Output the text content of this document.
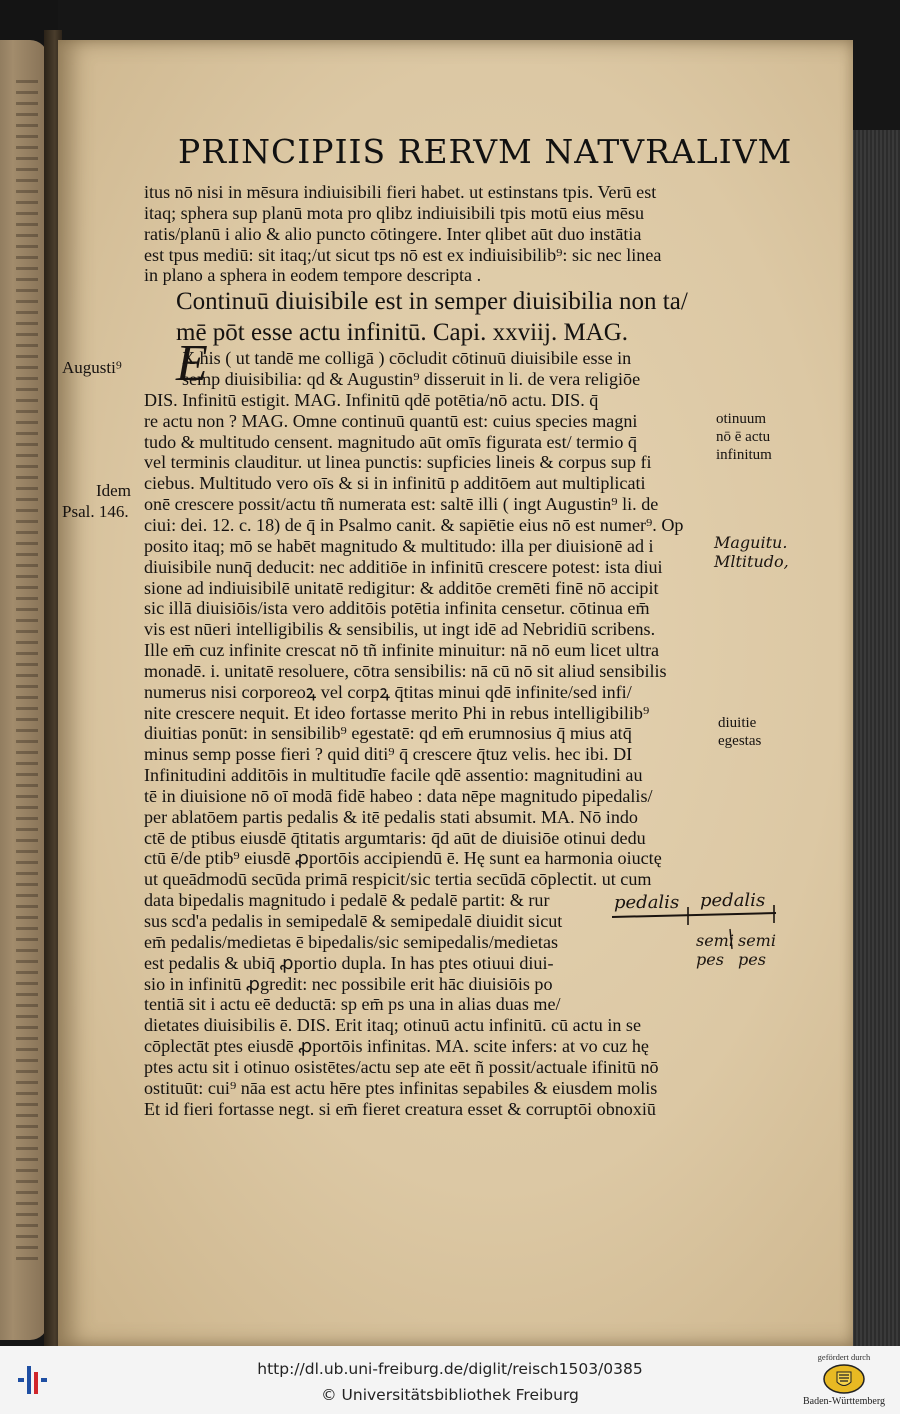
PRINCIPIIS RERVM NATVRALIVM
E
itus nō nisi in mēsura indiuisibili fieri habet. ut estinstans tpis. Verū est
itaq; sphera sup planū mota pro qlibz indiuisibili tpis motū eius mēsu
ratis/planū i alio & alio puncto cōtingere. Inter qlibet aūt duo instātia
est tpus mediū: sit itaq;/ut sicut tps nō est ex indiuisibilib⁹: sic nec linea
in plano a sphera in eodem tempore descripta .
Continuū diuisibile est in semper diuisibilia non ta/
mē pōt esse actu infinitū. Capi. xxviij. MAG.
X his ( ut tandē me colligā ) cōcludit cōtinuū diuisibile esse in
semp diuisibilia: qd & Augustin⁹ disseruit in li. de vera religiōe
DIS. Infinitū estigit. MAG. Infinitū qdē potētia/nō actu. DIS. q̄
re actu non ? MAG. Omne continuū quantū est: cuius species magni
tudo & multitudo censent. magnitudo aūt omīs figurata est/ termio q̄
vel terminis clauditur. ut linea punctis: supficies lineis & corpus sup fi
ciebus. Multitudo vero oīs & si in infinitū p additōem aut multiplicati
onē crescere possit/actu tñ numerata est: saltē illi ( ingt Augustin⁹ li. de
ciui: dei. 12. c. 18) de q̄ in Psalmo canit. & sapiētie eius nō est numer⁹. Op
posito itaq; mō se habēt magnitudo & multitudo: illa per diuisionē ad i
diuisibile nunq̄ deducit: nec additiōe in infinitū crescere potest: ista diui
sione ad indiuisibilē unitatē redigitur: & additōe cremēti finē nō accipit
sic illā diuisiōis/ista vero additōis potētia infinita censetur. cōtinua em̄
vis est nūeri intelligibilis & sensibilis, ut ingt idē ad Nebridiū scribens.
Ille em̄ cuz infinite crescat nō tñ infinite minuitur: nā nō eum licet ultra
monadē. i. unitatē resoluere, cōtra sensibilis: nā cū nō sit aliud sensibilis
numerus nisi corporeoꝝ vel corpꝝ q̄titas minui qdē infinite/sed infi/
nite crescere nequit. Et ideo fortasse merito Phi in rebus intelligibilib⁹
diuitias ponūt: in sensibilib⁹ egestatē: qd em̄ erumnosius q̄ mius atq̄
minus semp posse fieri ? quid diti⁹ q̄ crescere q̄tuz velis. hec ibi. DI
Infinitudini additōis in multitudīe facile qdē assentio: magnitudini au
tē in diuisione nō oī modā fidē habeo : data nēpe magnitudo pipedalis/
per ablatōem partis pedalis & itē pedalis stati absumit. MA. Nō indo
ctē de ptibus eiusdē q̄titatis argumtaris: q̄d aūt de diuisiōe otinui dedu
ctū ē/de ptib⁹ eiusdē ꝓportōis accipiendū ē. Hę sunt ea harmonia oiuctę
ut queādmodū secūda primā respicit/sic tertia secūdā cōplectit. ut cum
data bipedalis magnitudo i pedalē & pedalē partit: & rur
sus scd'a pedalis in semipedalē & semipedalē diuidit sicut
em̄ pedalis/medietas ē bipedalis/sic semipedalis/medietas
est pedalis & ubiq̄ ꝓportio dupla. In has ptes otiuui diui-
sio in infinitū ꝓgredit: nec possibile erit hāc diuisiōis po
tentiā sit i actu eē deductā: sp em̄ ps una in alias duas me/
dietates diuisibilis ē. DIS. Erit itaq; otinuū actu infinitū. cū actu in se
cōplectāt ptes eiusdē ꝓportōis infinitas. MA. scite infers: at vo cuz hę
ptes actu sit i otinuo osistētes/actu sep ate eēt ñ possit/actuale ifinitū nō
ostituūt: cui⁹ nāa est actu hēre ptes infinitas sepabiles & eiusdem molis
Et id fieri fortasse negt. si em̄ fieret creatura esset & corruptōi obnoxiū
Augusti⁹
Idem
Psal. 146.
otinuum
nō ē actu
infinitum
Maguitu.
Mltitudo,
diuitie
egestas
pedalis pedalis
semi
pes
semi
pes
http://dl.ub.uni-freiburg.de/diglit/reisch1503/0385
© Universitätsbibliothek Freiburg
gefördert durch
Baden-Württemberg
